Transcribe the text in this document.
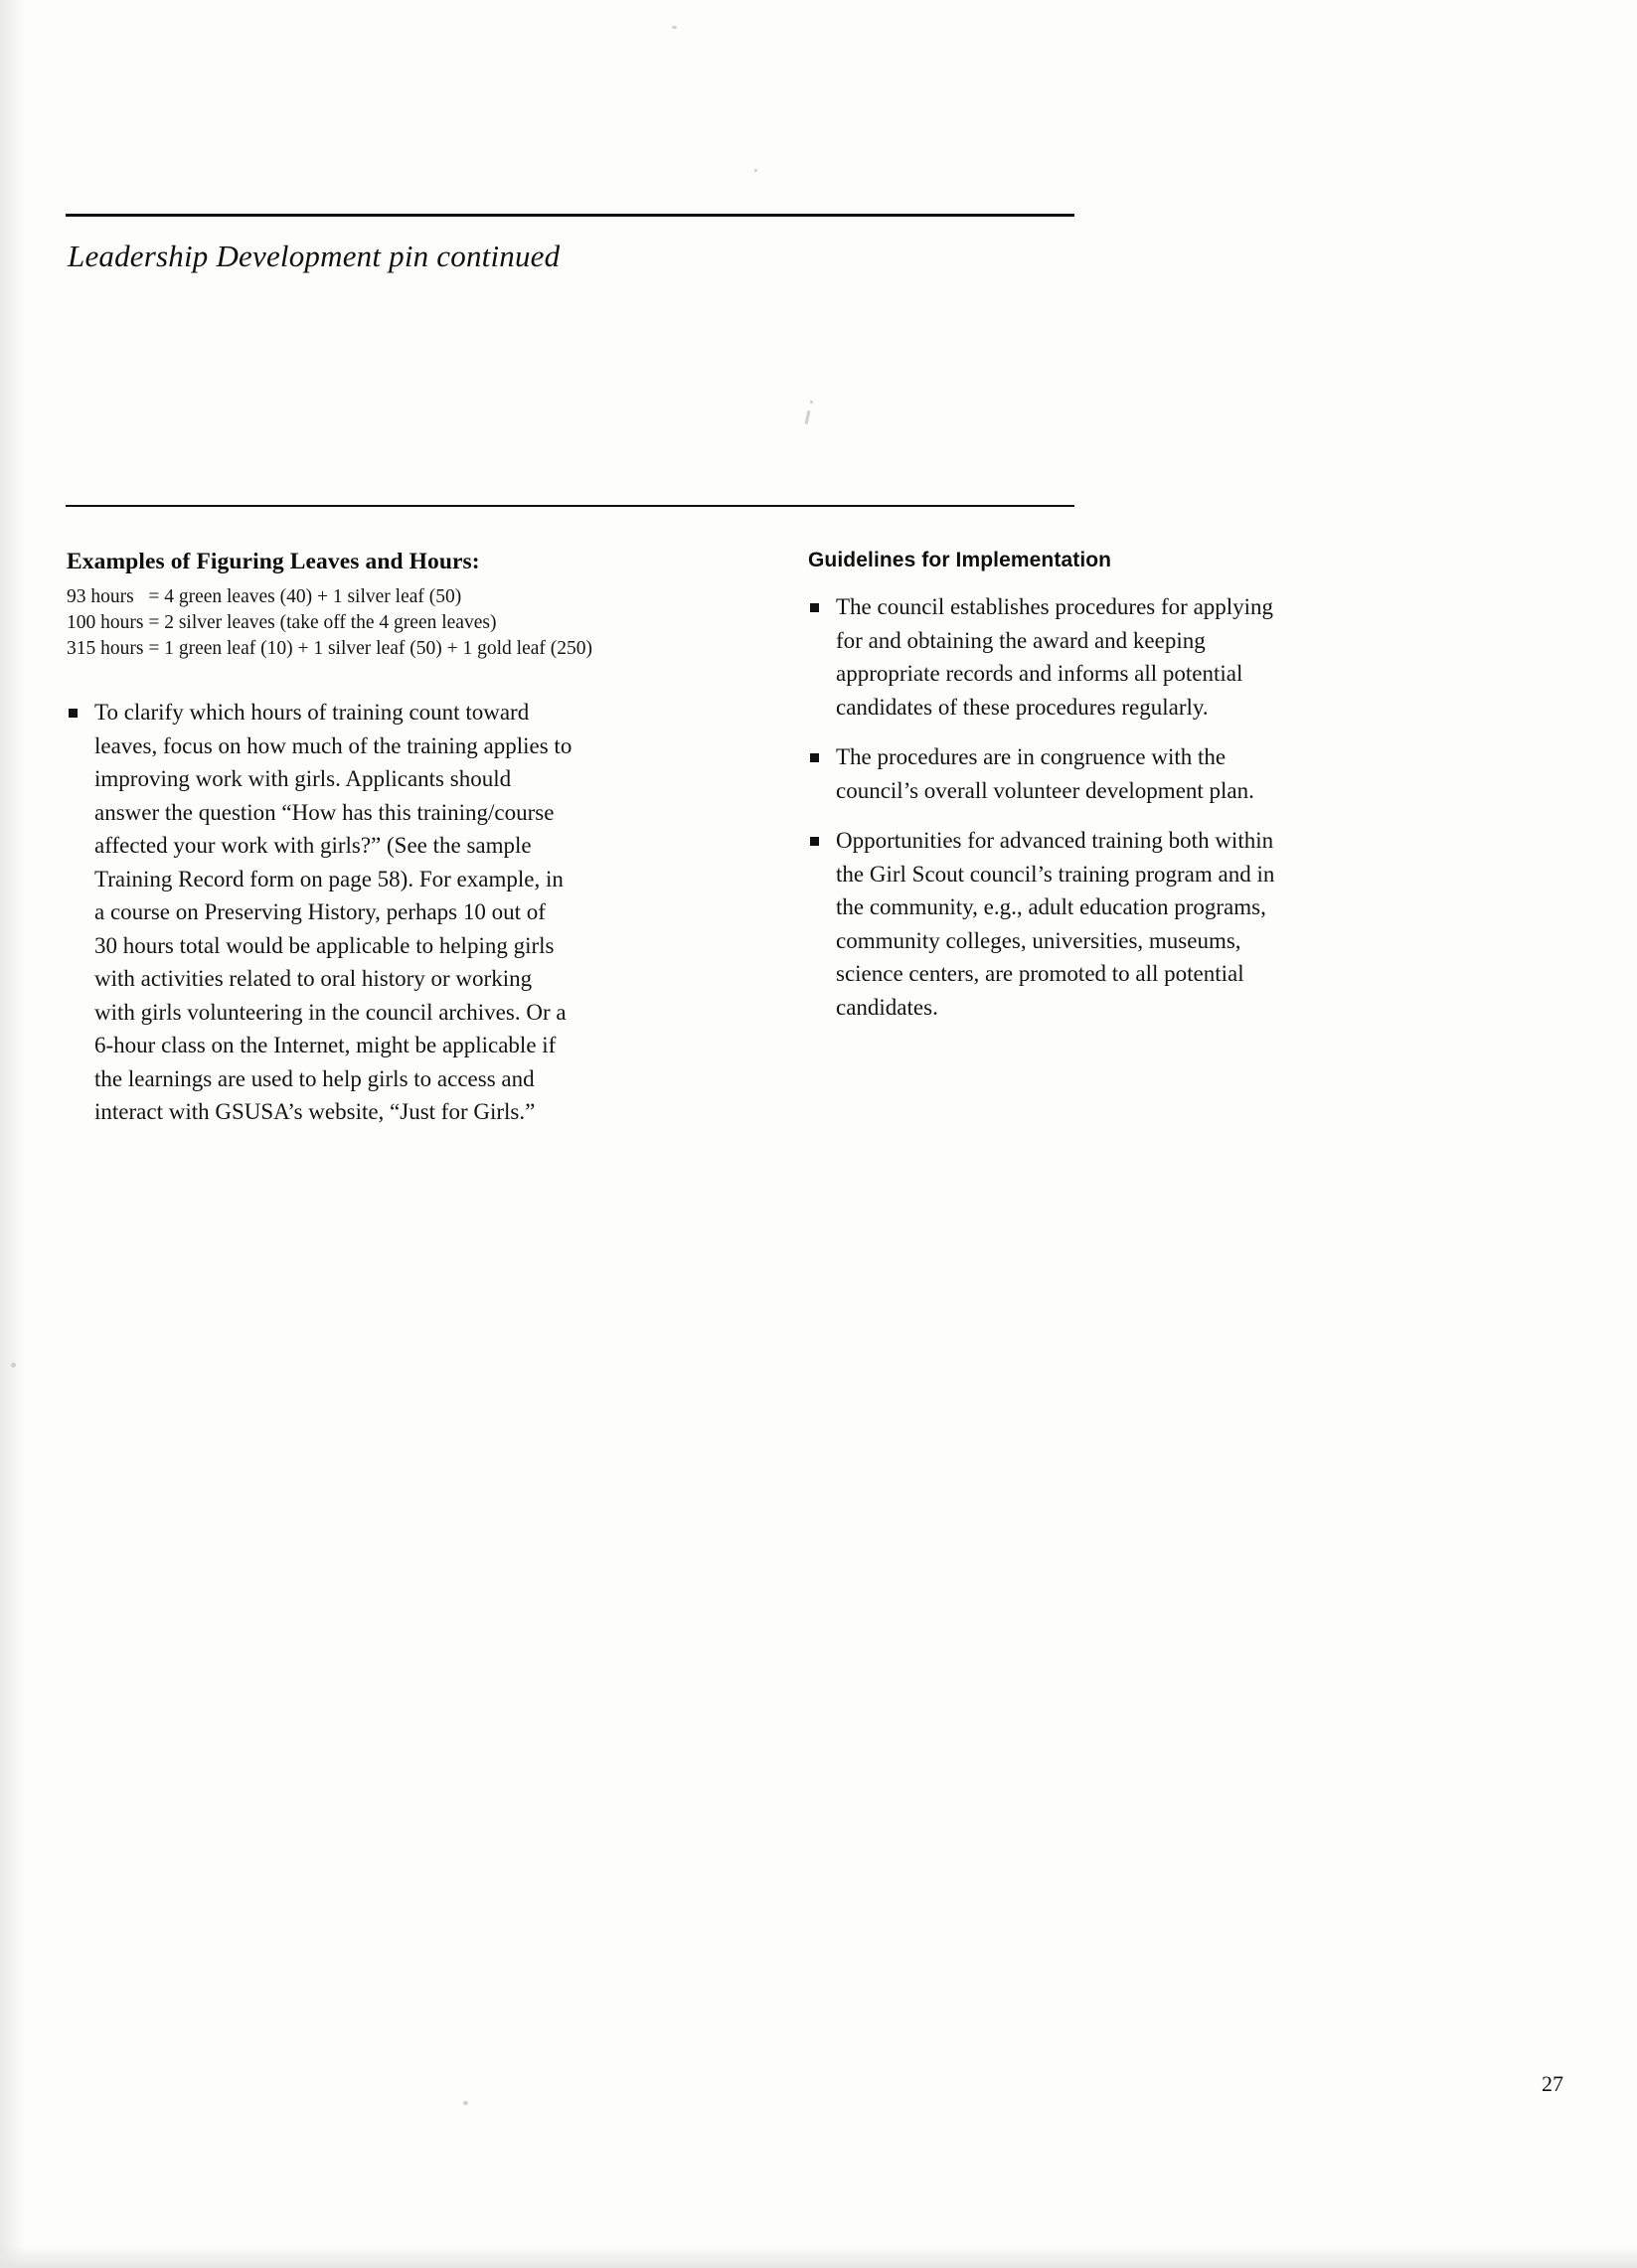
Leadership Development pin continued
Examples of Figuring Leaves and Hours:
93 hours   = 4 green leaves (40) + 1 silver leaf (50)
100 hours = 2 silver leaves (take off the 4 green leaves)
315 hours = 1 green leaf (10) + 1 silver leaf (50) + 1 gold leaf (250)

To clarify which hours of training count toward leaves, focus on how much of the training applies to improving work with girls. Applicants should answer the question “How has this training/course affected your work with girls?” (See the sample Training Record form on page 58). For example, in a course on Preserving History, perhaps 10 out of 30 hours total would be applicable to helping girls with activities related to oral history or working with girls volunteering in the council archives. Or a 6-hour class on the Internet, might be applicable if the learnings are used to help girls to access and interact with GSUSA’s website, “Just for Girls.”

Guidelines for Implementation

The council establishes procedures for applying for and obtaining the award and keeping appropriate records and informs all potential candidates of these procedures regularly.

The procedures are in congruence with the council’s overall volunteer development plan.

Opportunities for advanced training both within the Girl Scout council’s training program and in the community, e.g., adult education programs, community colleges, universities, museums, science centers, are promoted to all potential candidates.

27
